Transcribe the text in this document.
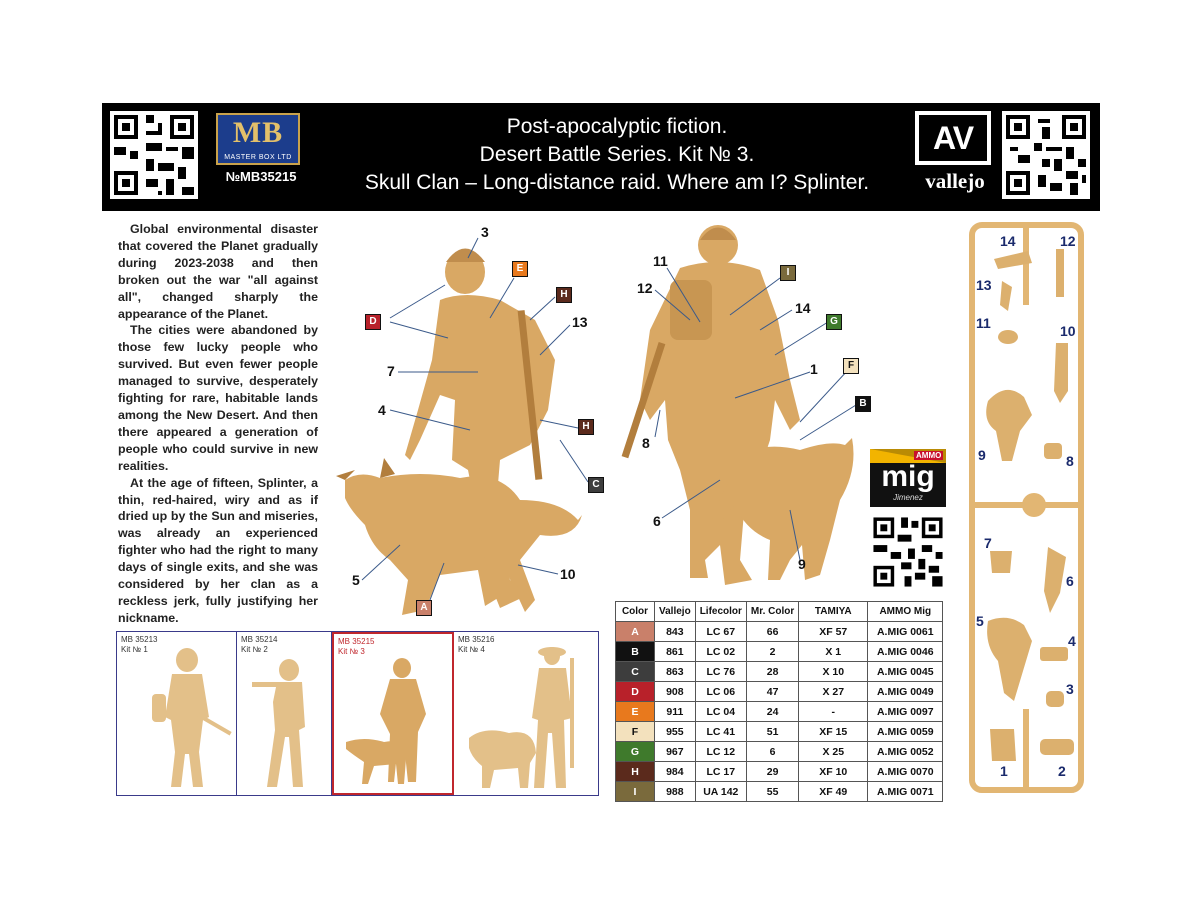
MB
MASTER BOX LTD
№MB35215
Post-apocalyptic fiction.
Desert Battle Series. Kit № 3.
Skull Clan – Long-distance raid. Where am I? Splinter.
AV
vallejo

Global environmental disaster that covered the Planet gradually during 2023-2038 and then broken out the war "all against all", changed sharply the appearance of the Planet.

The cities were abandoned by those few lucky people who survived. But even fewer people managed to survive, desperately fighting for rare, habitable lands among the New Desert. And then there appeared a generation of people who could survive in new realities.

At the age of fifteen, Splinter, a thin, red-haired, wiry and as if dried up by the Sun and miseries, was already an experienced fighter who had the right to many days of single exits, and she was considered by her clan as a reckless jerk, fully justifying her nickname.

3
E
D
H
13
7
4
H
C
5	10
A
11
12
I
14
G
1	F
B
8
6
9
AMMO
mig
Jimenez
MB 35213
Kit № 1
MB 35214
Kit № 2
MB 35215
Kit № 3
MB 35216
Kit № 4
Color	Vallejo	Lifecolor	Mr. Color	TAMIYA	AMMO Mig
A	843	LC 67	66	XF 57	A.MIG 0061
B	861	LC 02	2	X 1	A.MIG 0046
C	863	LC 76	28	X 10	A.MIG 0045
D	908	LC 06	47	X 27	A.MIG 0049
E	911	LC 04	24	-	A.MIG 0097
F	955	LC 41	51	XF 15	A.MIG 0059
G	967	LC 12	6	X 25	A.MIG 0052
H	984	LC 17	29	XF 10	A.MIG 0070
I	988	UA 142	55	XF 49	A.MIG 0071
14	12
13
11	10
9	8
7
6
5
4
3
1	2
